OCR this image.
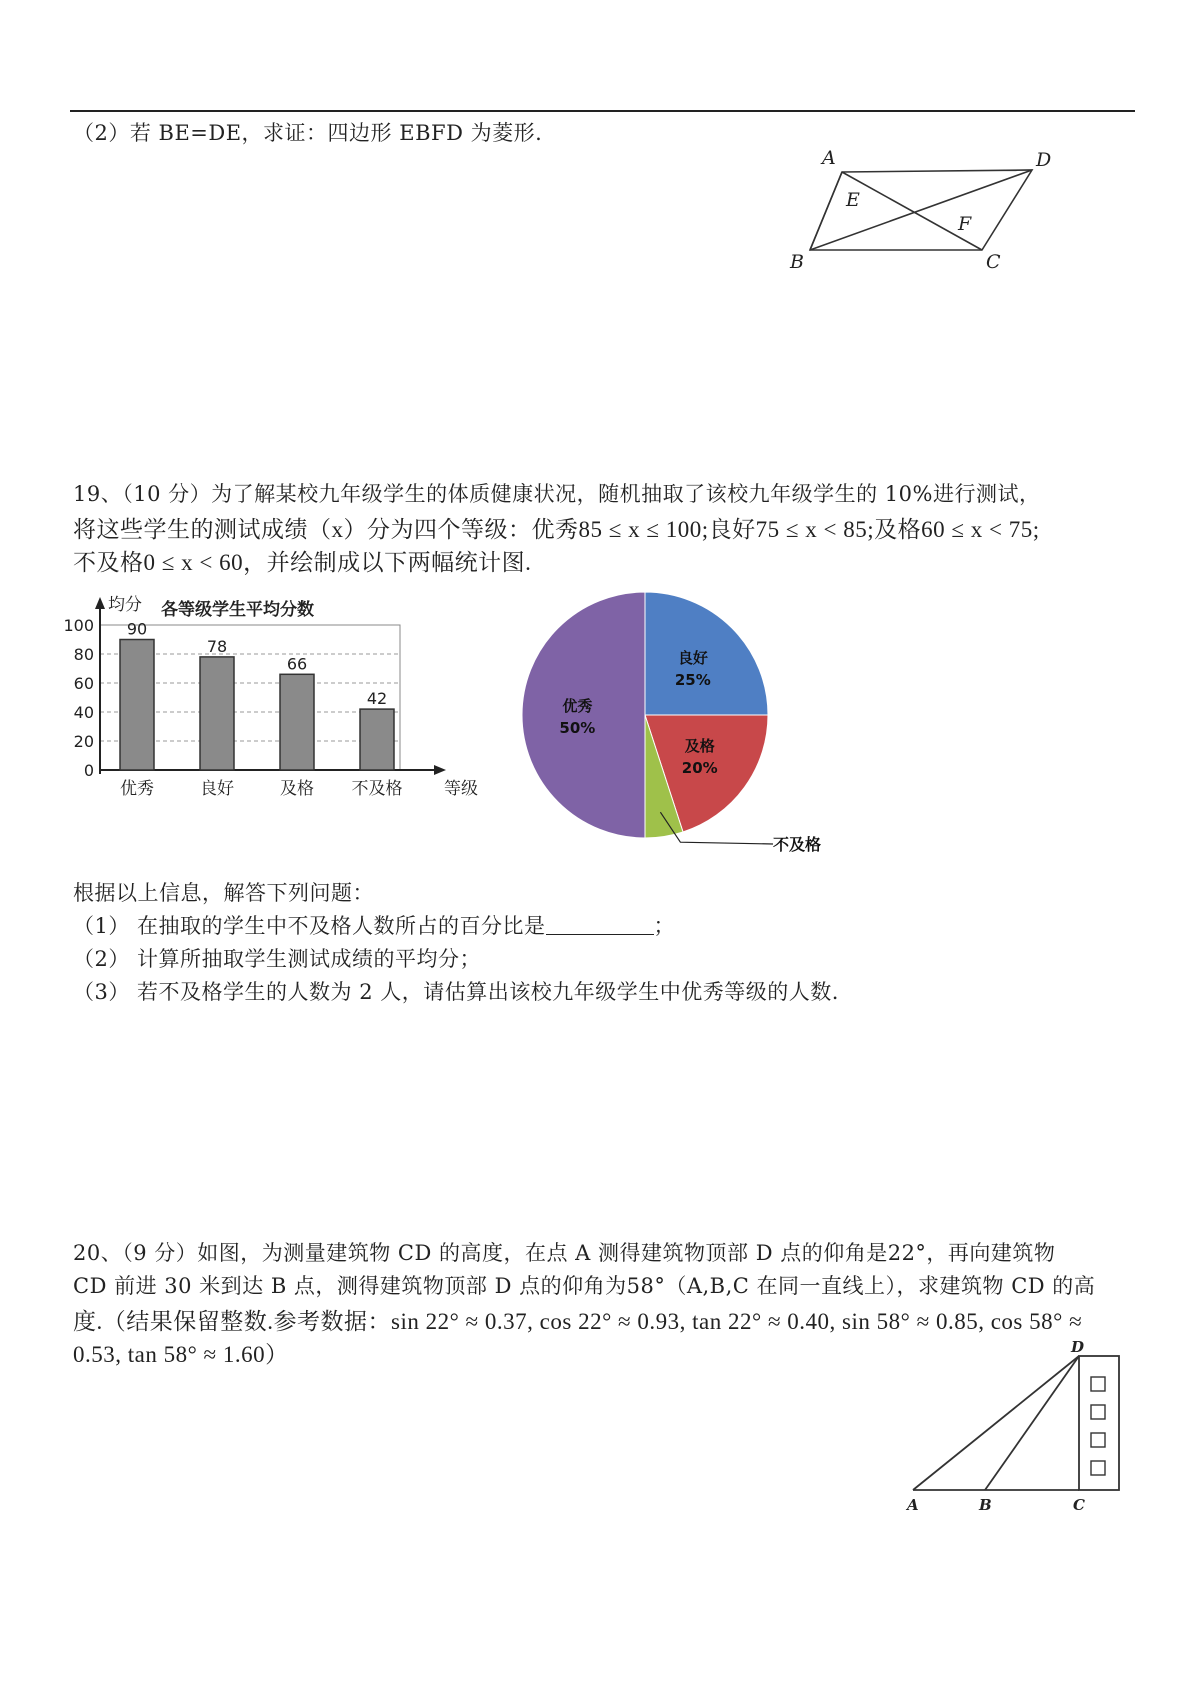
（2）若 BE=DE，求证：四边形 EBFD 为菱形.
A	D
E
F
B	C
19、（10 分）为了解某校九年级学生的体质健康状况，随机抽取了该校九年级学生的 10%进行测试，
将这些学生的测试成绩（x）分为四个等级：优秀85 ≤ x ≤ 100;良好75 ≤ x < 85;及格60 ≤ x < 75;
不及格0 ≤ x < 60，并绘制成以下两幅统计图.
各等级学生平均分数
0
20
40
60
80
100
均分
等级
90
优秀
78
良好
66
及格
42
不及格
良好
25%
及格
20%
不及格
优秀
50%
根据以上信息，解答下列问题：
（1） 在抽取的学生中不及格人数所占的百分比是	；
（2） 计算所抽取学生测试成绩的平均分；
（3） 若不及格学生的人数为 2 人，请估算出该校九年级学生中优秀等级的人数.
20、（9 分）如图，为测量建筑物 CD 的高度，在点 A 测得建筑物顶部 D 点的仰角是22°，再向建筑物
CD 前进 30 米到达 B 点，测得建筑物顶部 D 点的仰角为58°（A,B,C 在同一直线上），求建筑物 CD 的高
度.（结果保留整数.参考数据：sin 22° ≈ 0.37, cos 22° ≈ 0.93, tan 22° ≈ 0.40, sin 58° ≈ 0.85, cos 58° ≈
0.53, tan 58° ≈ 1.60）	D
A	B	C
